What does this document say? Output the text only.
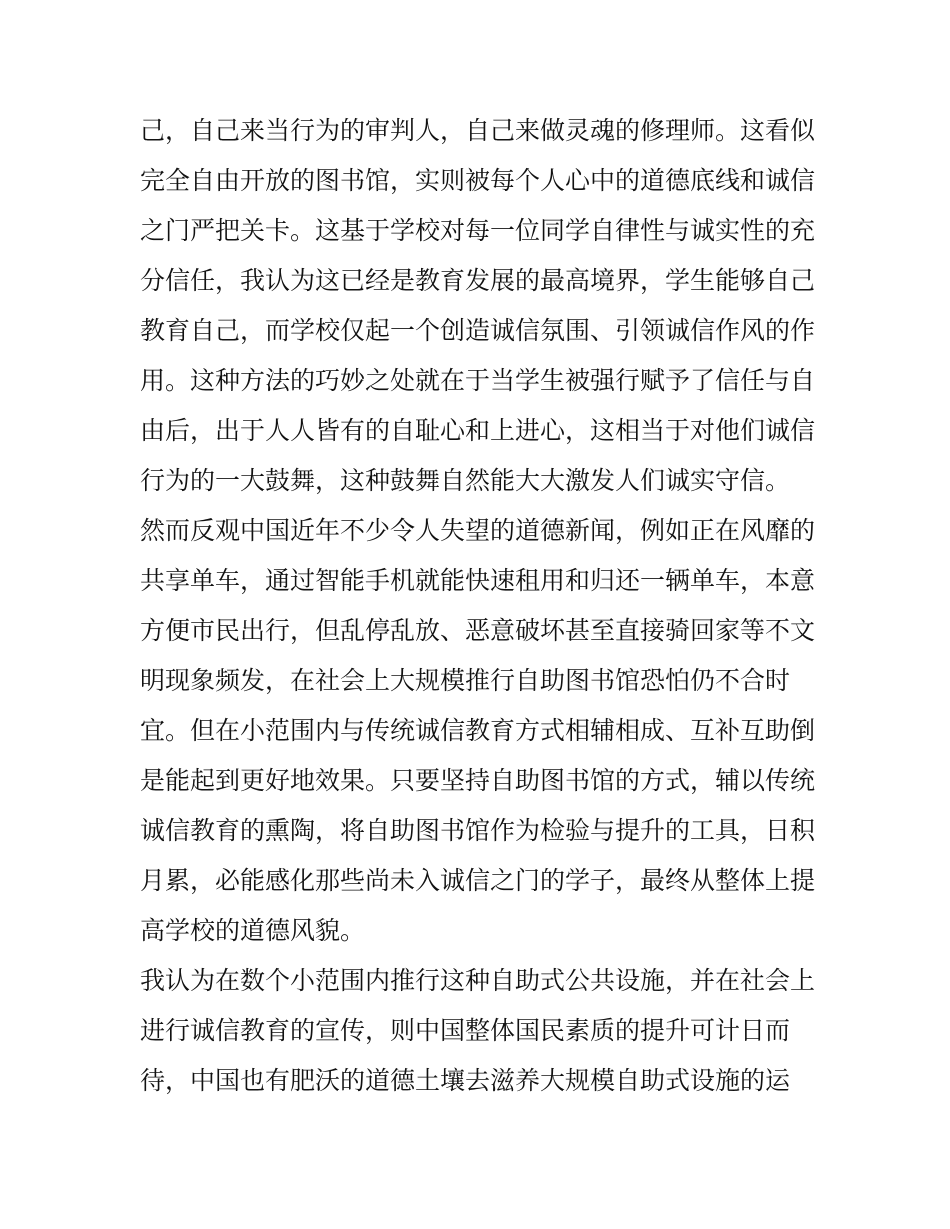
己，自己来当行为的审判人，自己来做灵魂的修理师。这看似
完全自由开放的图书馆，实则被每个人心中的道德底线和诚信
之门严把关卡。这基于学校对每一位同学自律性与诚实性的充
分信任，我认为这已经是教育发展的最高境界，学生能够自己
教育自己，而学校仅起一个创造诚信氛围、引领诚信作风的作
用。这种方法的巧妙之处就在于当学生被强行赋予了信任与自
由后，出于人人皆有的自耻心和上进心，这相当于对他们诚信
行为的一大鼓舞，这种鼓舞自然能大大激发人们诚实守信。
然而反观中国近年不少令人失望的道德新闻，例如正在风靡的
共享单车，通过智能手机就能快速租用和归还一辆单车，本意
方便市民出行，但乱停乱放、恶意破坏甚至直接骑回家等不文
明现象频发，在社会上大规模推行自助图书馆恐怕仍不合时
宜。但在小范围内与传统诚信教育方式相辅相成、互补互助倒
是能起到更好地效果。只要坚持自助图书馆的方式，辅以传统
诚信教育的熏陶，将自助图书馆作为检验与提升的工具，日积
月累，必能感化那些尚未入诚信之门的学子，最终从整体上提
高学校的道德风貌。
我认为在数个小范围内推行这种自助式公共设施，并在社会上
进行诚信教育的宣传，则中国整体国民素质的提升可计日而
待，中国也有肥沃的道德土壤去滋养大规模自助式设施的运
